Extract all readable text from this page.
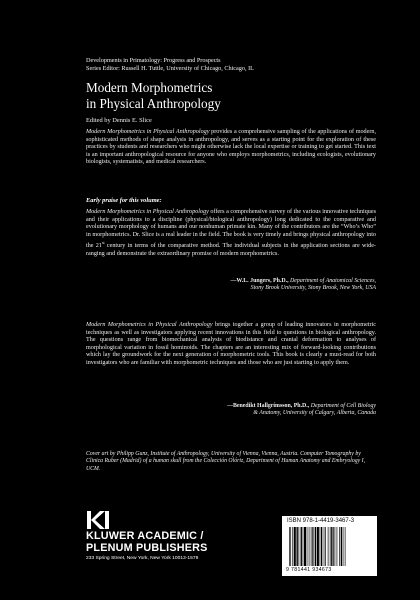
Developments in Primatology: Progress and Prospects
Series Editor: Russell H. Tuttle, University of Chicago, Chicago, IL
Modern Morphometrics
in Physical Anthropology
Edited by Dennis E. Slice
Modern Morphometrics in Physical Anthropology provides a comprehensive sampling of the applications of modern, sophisticated methods of shape analysis in anthropology, and serves as a starting point for the exploration of these practices by students and researchers who might otherwise lack the local expertise or training to get started. This text is an important anthropological resource for anyone who employs morphometrics, including ecologists, evolutionary biologists, systematists, and medical researchers.
Early praise for this volume:
Modern Morphometrics in Physical Anthropology offers a comprehensive survey of the various innovative techniques and their applications to a discipline (physical/biological anthropology) long dedicated to the comparative and evolutionary morphology of humans and our nonhuman primate kin. Many of the contributors are the “Who’s Who” in morphometrics. Dr. Slice is a real leader in the field. The book is very timely and brings physical anthropology into the 21st century in terms of the comparative method. The individual subjects in the application sections are wide-ranging and demonstrate the extraordinary promise of modern morphometrics.
—W.L. Jungers, Ph.D., Department of Anatomical Sciences,
Stony Brook University, Stony Brook, New York, USA
Modern Morphometrics in Physical Anthropology brings together a group of leading innovators in morphometric techniques as well as investigators applying recent innovations in this field to questions in biological anthropology. The questions range from biomechanical analysis of biodistance and cranial deformation to analyses of morphological variation in fossil hominoids. The chapters are an interesting mix of forward-looking contributions which lay the groundwork for the next generation of morphometric tools. This book is clearly a must-read for both investigators who are familiar with morphometric techniques and those who are just starting to apply them.
—Benedikt Hallgrímsson, Ph.D., Department of Cell Biology
& Anatomy, University of Calgary, Alberta, Canada
Cover art by Philipp Gunz, Institute of Anthropology, University of Vienna, Vienna, Austria. Computer Tomography by Clinica Ruber (Madrid) of a human skull from the Colección Olóriz, Department of Human Anatomy and Embryology I, UCM.
KLUWER ACADEMIC /
PLENUM PUBLISHERS
233 Spring Street, New York, New York 10013-1578
ISBN 978-1-4419-3467-3
9 781441 934673
